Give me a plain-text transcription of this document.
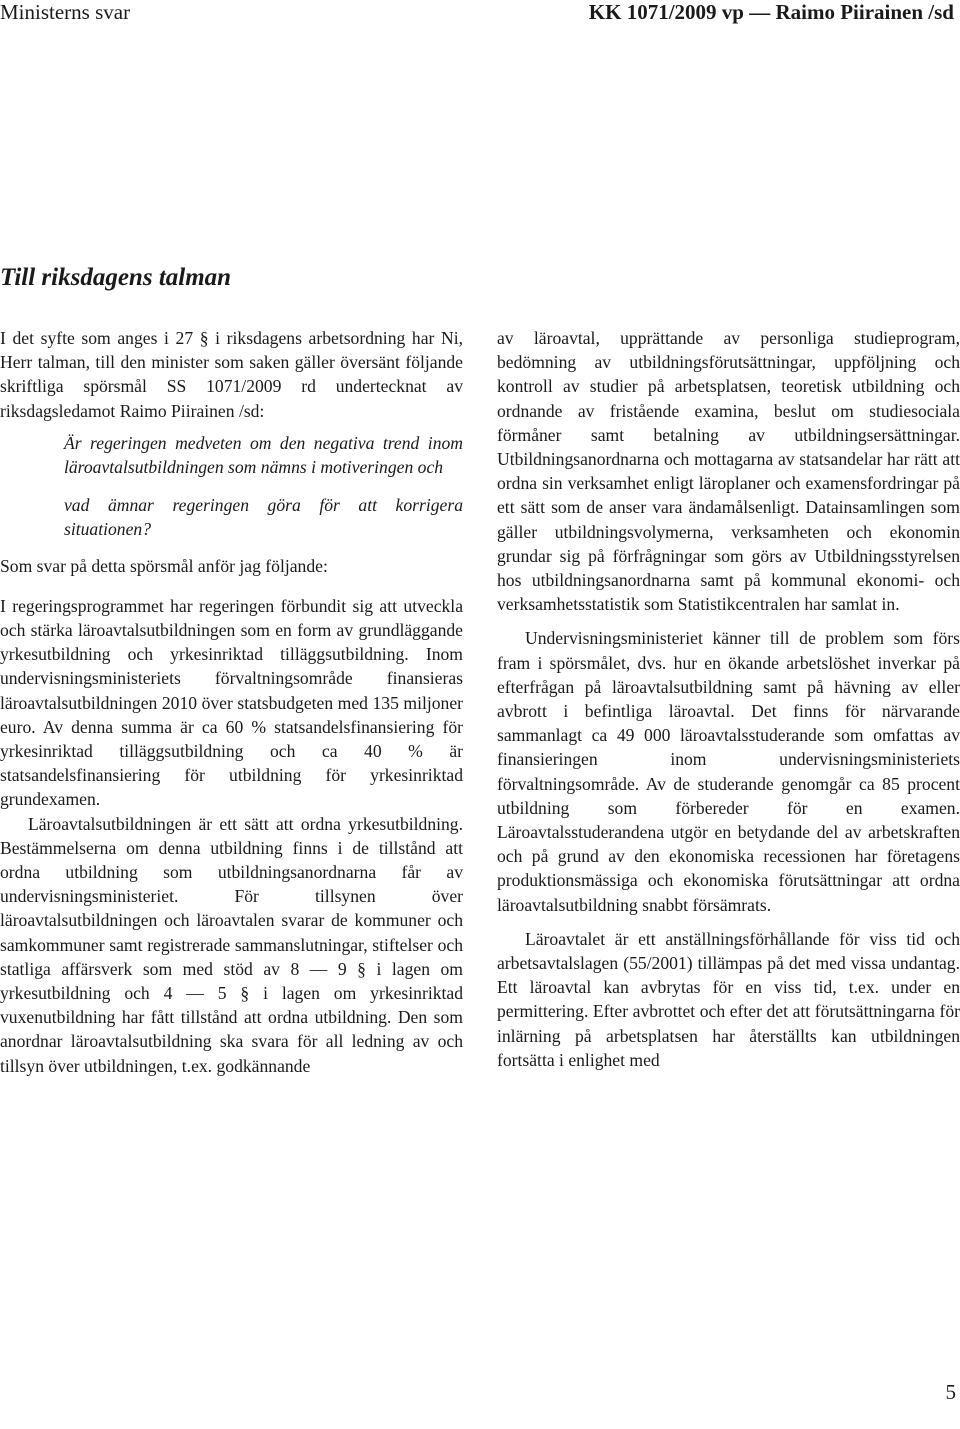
Ministerns svar	KK 1071/2009 vp — Raimo Piirainen /sd
Till riksdagens talman

I det syfte som anges i 27 § i riksdagens arbetsordning har Ni, Herr talman, till den minister som saken gäller översänt följande skriftliga spörsmål SS 1071/2009 rd undertecknat av riksdagsledamot Raimo Piirainen /sd:

Är regeringen medveten om den negativa trend inom läroavtalsutbildningen som nämns i motiveringen och

vad ämnar regeringen göra för att korrigera situationen?

Som svar på detta spörsmål anför jag följande:

I regeringsprogrammet har regeringen förbundit sig att utveckla och stärka läroavtalsutbildningen som en form av grundläggande yrkesutbildning och yrkesinriktad tilläggsutbildning. Inom undervisningsministeriets förvaltningsområde finansieras läroavtalsutbildningen 2010 över statsbudgeten med 135 miljoner euro. Av denna summa är ca 60 % statsandelsfinansiering för yrkesinriktad tilläggsutbildning och ca 40 % är statsandelsfinansiering för utbildning för yrkesinriktad grundexamen.

Läroavtalsutbildningen är ett sätt att ordna yrkesutbildning. Bestämmelserna om denna utbildning finns i de tillstånd att ordna utbildning som utbildningsanordnarna får av undervisningsministeriet. För tillsynen över läroavtalsutbildningen och läroavtalen svarar de kommuner och samkommuner samt registrerade sammanslutningar, stiftelser och statliga affärsverk som med stöd av 8 — 9 § i lagen om yrkesutbildning och 4 — 5 § i lagen om yrkesinriktad vuxenutbildning har fått tillstånd att ordna utbildning. Den som anordnar läroavtalsutbildning ska svara för all ledning av och tillsyn över utbildningen, t.ex. godkännande

av läroavtal, upprättande av personliga studieprogram, bedömning av utbildningsförutsättningar, uppföljning och kontroll av studier på arbetsplatsen, teoretisk utbildning och ordnande av fristående examina, beslut om studiesociala förmåner samt betalning av utbildningsersättningar. Utbildningsanordnarna och mottagarna av statsandelar har rätt att ordna sin verksamhet enligt läroplaner och examensfordringar på ett sätt som de anser vara ändamålsenligt. Datainsamlingen som gäller utbildningsvolymerna, verksamheten och ekonomin grundar sig på förfrågningar som görs av Utbildningsstyrelsen hos utbildningsanordnarna samt på kommunal ekonomi- och verksamhetsstatistik som Statistikcentralen har samlat in.

Undervisningsministeriet känner till de problem som förs fram i spörsmålet, dvs. hur en ökande arbetslöshet inverkar på efterfrågan på läroavtalsutbildning samt på hävning av eller avbrott i befintliga läroavtal. Det finns för närvarande sammanlagt ca 49 000 läroavtalsstuderande som omfattas av finansieringen inom undervisningsministeriets förvaltningsområde. Av de studerande genomgår ca 85 procent utbildning som förbereder för en examen. Läroavtalsstuderandena utgör en betydande del av arbetskraften och på grund av den ekonomiska recessionen har företagens produktionsmässiga och ekonomiska förutsättningar att ordna läroavtalsutbildning snabbt försämrats.

Läroavtalet är ett anställningsförhållande för viss tid och arbetsavtalslagen (55/2001) tillämpas på det med vissa undantag. Ett läroavtal kan avbrytas för en viss tid, t.ex. under en permittering. Efter avbrottet och efter det att förutsättningarna för inlärning på arbetsplatsen har återställts kan utbildningen fortsätta i enlighet med

5
